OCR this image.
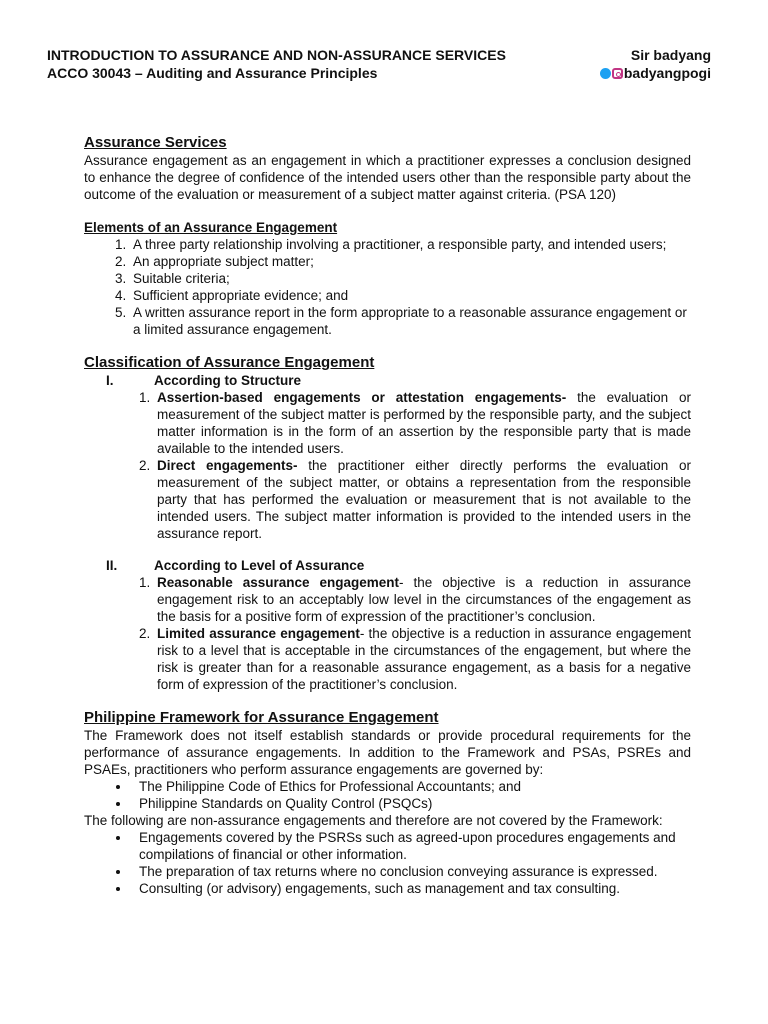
INTRODUCTION TO ASSURANCE AND NON-ASSURANCE SERVICES	Sir badyang
ACCO 30043 – Auditing and Assurance Principles	badyangpogi
Assurance Services

Assurance engagement as an engagement in which a practitioner expresses a conclusion designed to enhance the degree of confidence of the intended users other than the responsible party about the outcome of the evaluation or measurement of a subject matter against criteria. (PSA 120)

Elements of an Assurance Engagement
1. A three party relationship involving a practitioner, a responsible party, and intended users;
2. An appropriate subject matter;
3. Suitable criteria;
4. Sufficient appropriate evidence; and
5. A written assurance report in the form appropriate to a reasonable assurance engagement or a limited assurance engagement.
Classification of Assurance Engagement
I.	According to Structure
1. Assertion-based engagements or attestation engagements- the evaluation or measurement of the subject matter is performed by the responsible party, and the subject matter information is in the form of an assertion by the responsible party that is made available to the intended users.
2. Direct engagements- the practitioner either directly performs the evaluation or measurement of the subject matter, or obtains a representation from the responsible party that has performed the evaluation or measurement that is not available to the intended users. The subject matter information is provided to the intended users in the assurance report.
II.	According to Level of Assurance
1. Reasonable assurance engagement- the objective is a reduction in assurance engagement risk to an acceptably low level in the circumstances of the engagement as the basis for a positive form of expression of the practitioner’s conclusion.
2. Limited assurance engagement- the objective is a reduction in assurance engagement risk to a level that is acceptable in the circumstances of the engagement, but where the risk is greater than for a reasonable assurance engagement, as a basis for a negative form of expression of the practitioner’s conclusion.
Philippine Framework for Assurance Engagement

The Framework does not itself establish standards or provide procedural requirements for the performance of assurance engagements. In addition to the Framework and PSAs, PSREs and PSAEs, practitioners who perform assurance engagements are governed by:

• The Philippine Code of Ethics for Professional Accountants; and
• Philippine Standards on Quality Control (PSQCs)

The following are non-assurance engagements and therefore are not covered by the Framework:

• Engagements covered by the PSRSs such as agreed-upon procedures engagements and compilations of financial or other information.
• The preparation of tax returns where no conclusion conveying assurance is expressed.
• Consulting (or advisory) engagements, such as management and tax consulting.
